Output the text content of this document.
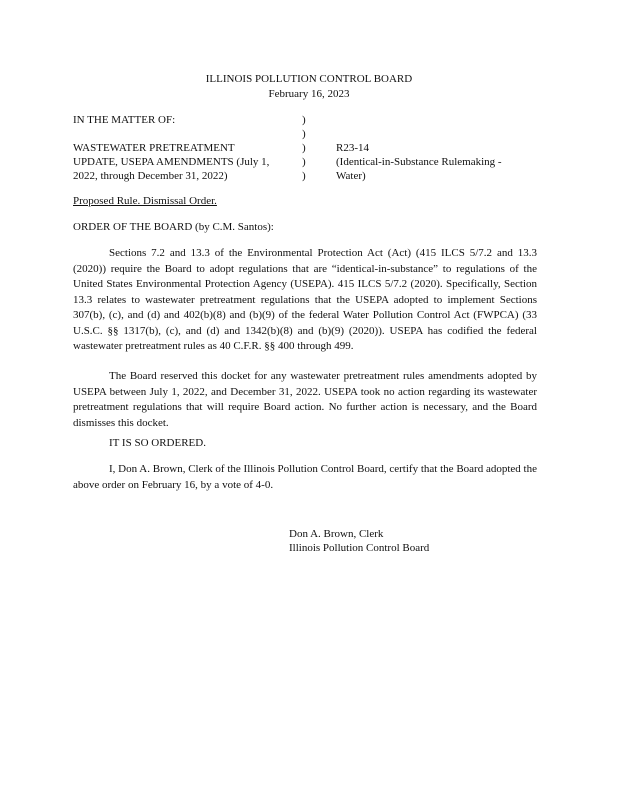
ILLINOIS POLLUTION CONTROL BOARD
February 16, 2023
IN THE MATTER OF:	)
)
)
)
)
WASTEWATER PRETREATMENT
UPDATE, USEPA AMENDMENTS (July 1,
2022, through December 31, 2022)
R23-14
(Identical-in-Substance Rulemaking -
Water)
Proposed Rule. Dismissal Order.
ORDER OF THE BOARD (by C.M. Santos):
Sections 7.2 and 13.3 of the Environmental Protection Act (Act) (415 ILCS 5/7.2 and 13.3 (2020)) require the Board to adopt regulations that are “identical-in-substance” to regulations of the United States Environmental Protection Agency (USEPA). 415 ILCS 5/7.2 (2020). Specifically, Section 13.3 relates to wastewater pretreatment regulations that the USEPA adopted to implement Sections 307(b), (c), and (d) and 402(b)(8) and (b)(9) of the federal Water Pollution Control Act (FWPCA) (33 U.S.C. §§ 1317(b), (c), and (d) and 1342(b)(8) and (b)(9) (2020)). USEPA has codified the federal wastewater pretreatment rules as 40 C.F.R. §§ 400 through 499.
The Board reserved this docket for any wastewater pretreatment rules amendments adopted by USEPA between July 1, 2022, and December 31, 2022. USEPA took no action regarding its wastewater pretreatment regulations that will require Board action. No further action is necessary, and the Board dismisses this docket.
IT IS SO ORDERED.
I, Don A. Brown, Clerk of the Illinois Pollution Control Board, certify that the Board adopted the above order on February 16, by a vote of 4-0.
Don A. Brown, Clerk
Illinois Pollution Control Board
